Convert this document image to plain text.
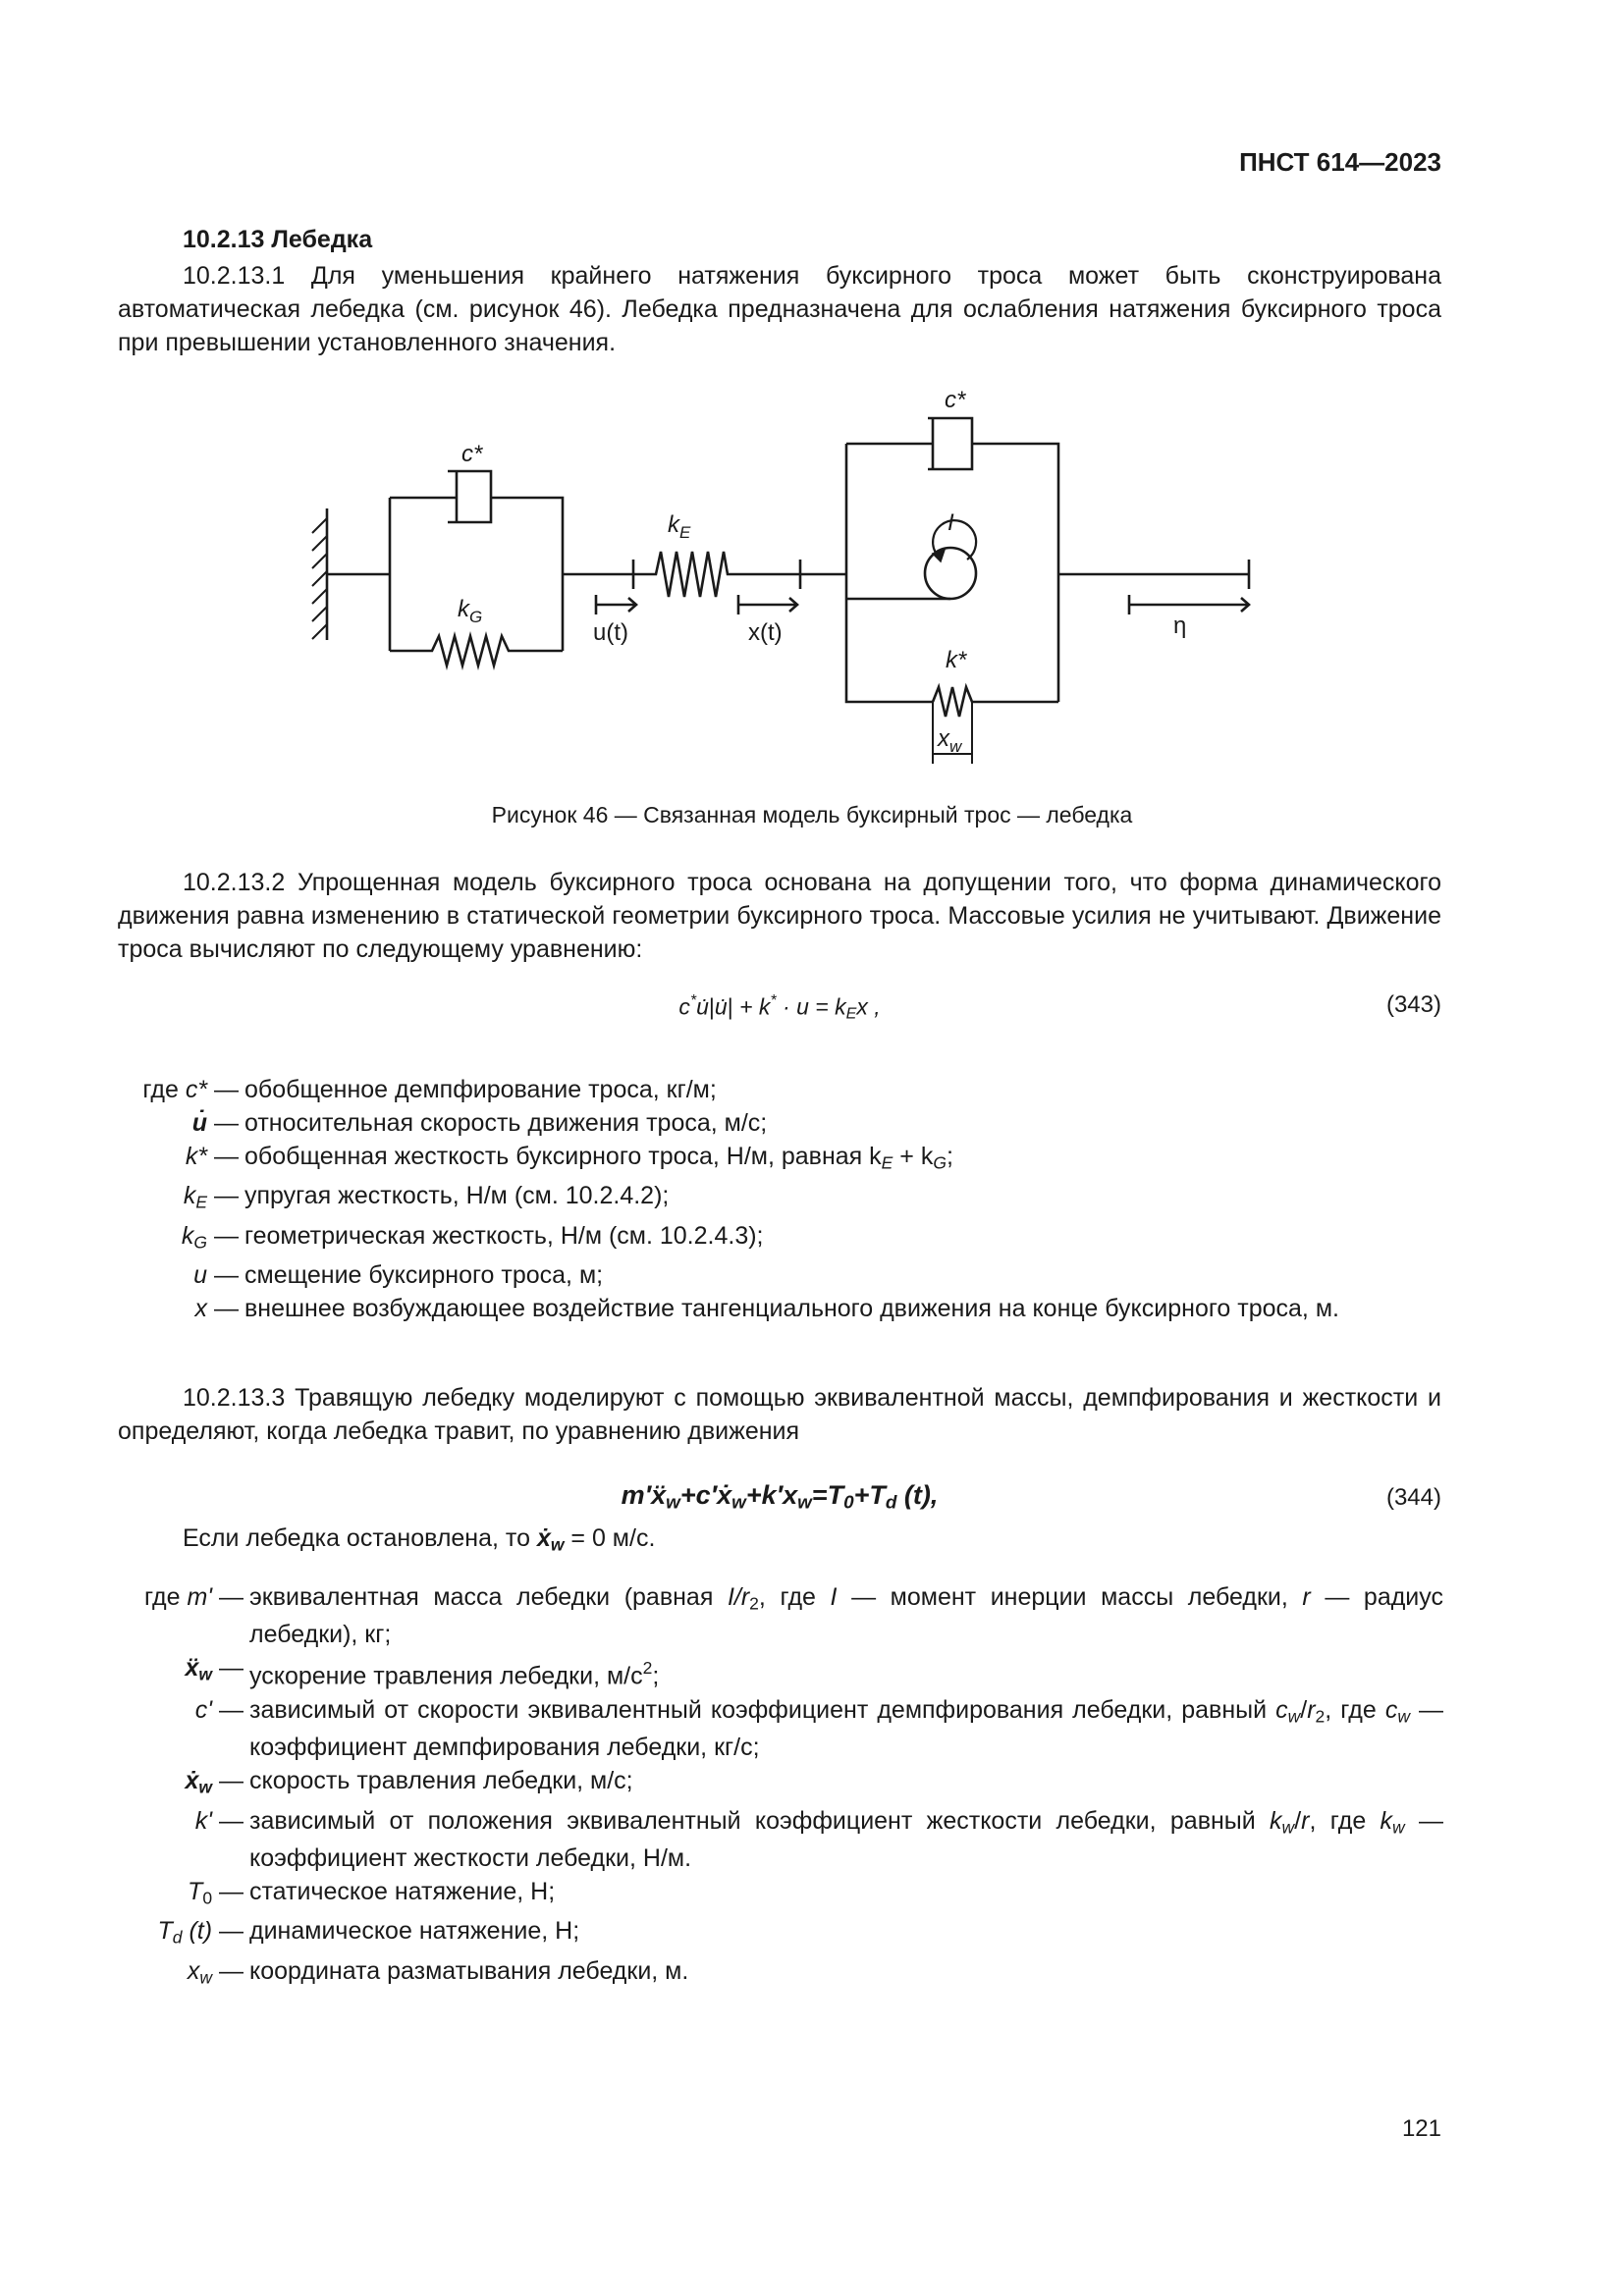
ПНСТ 614—2023
10.2.13 Лебедка
10.2.13.1 Для уменьшения крайнего натяжения буксирного троса может быть сконструирована автоматическая лебедка (см. рисунок 46). Лебедка предназначена для ослабления натяжения буксирного троса при превышении установленного значения.
c*
c*
$k_G$
$k_E$
u(t)	x(t)
I
k*
$x_w$
η
Рисунок 46 — Связанная модель буксирный трос — лебедка
10.2.13.2 Упрощенная модель буксирного троса основана на допущении того, что форма динамического движения равна изменению в статической геометрии буксирного троса. Массовые усилия не учитывают. Движение троса вычисляют по следующему уравнению:
c*u̇|u̇| + $k^* \cdot u = k_Ex$ ,	(343)
где c* — обобщенное демпфирование троса, кг/м;
u̇ — относительная скорость движения троса, м/с;
k* — обобщенная жесткость буксирного троса, Н/м, равная $k_E + k_G$;
$k_E$ — упругая жесткость, Н/м (см. 10.2.4.2);
$k_G$ — геометрическая жесткость, Н/м (см. 10.2.4.3);
u — смещение буксирного троса, м;
x — внешнее возбуждающее воздействие тангенциального движения на конце буксирного троса, м.
10.2.13.3 Травящую лебедку моделируют с помощью эквивалентной массы, демпфирования и жесткости и определяют, когда лебедка травит, по уравнению движения
$m'ẍ_w+c'ẋ_w+k'x_w=T_0+T_d$ (t),	(344)
где m' — эквивалентная масса лебедки (равная $I/r_2$, где I — момент инерции массы лебедки, r — радиус лебедки), кг;
ẍ$_w$ — ускорение травления лебедки, $м/с^2$;
c' — зависимый от скорости эквивалентный коэффициент демпфирования лебедки, равный $c_w/r_2$, где $c_w$ — коэффициент демпфирования лебедки, кг/с;
ẋ$_w$ — скорость травления лебедки, м/с;
k' — зависимый от положения эквивалентный коэффициент жесткости лебедки, равный $k_w/r$, где $k_w$ — коэффициент жесткости лебедки, Н/м.
$T_0$ — статическое натяжение, Н;
$T_d$ (t) — динамическое натяжение, Н;
$x_w$ — координата разматывания лебедки, м.
Если лебедка остановлена, то ẋ$_w$ = 0 м/с.
121
